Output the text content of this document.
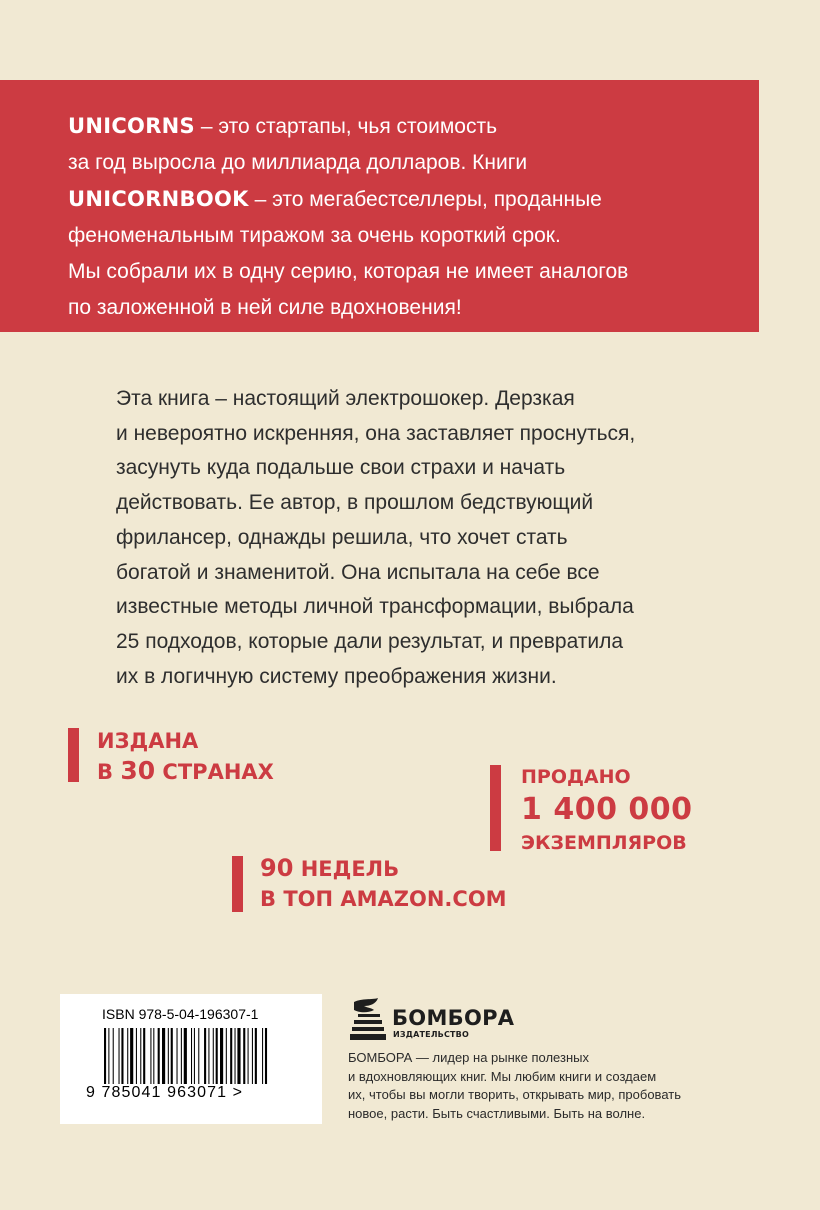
UNICORNS – это стартапы, чья стоимость

за год выросла до миллиарда долларов. Книги

UNICORNBOOK – это мегабестселлеры, проданные

феноменальным тиражом за очень короткий срок.

Мы собрали их в одну серию, которая не имеет аналогов

по заложенной в ней силе вдохновения!

Эта книга – настоящий электрошокер. Дерзкая
и невероятно искренняя, она заставляет проснуться,
засунуть куда подальше свои страхи и начать
действовать. Ее автор, в прошлом бедствующий
фрилансер, однажды решила, что хочет стать
богатой и знаменитой. Она испытала на себе все
известные методы личной трансформации, выбрала
25 подходов, которые дали результат, и превратила
их в логичную систему преображения жизни.

ИЗДАНА
В 30 СТРАНАХ	ПРОДАНО
1 400 000
ЭКЗЕМПЛЯРОВ
90 НЕДЕЛЬ
В ТОП AMAZON.COM
ISBN 978-5-04-196307-1
9 785041 963071 >
БОМБОРА
ИЗДАТЕЛЬСТВО

БОМБОРА — лидер на рынке полезных
и вдохновляющих книг. Мы любим книги и создаем
их, чтобы вы могли творить, открывать мир, пробовать
новое, расти. Быть счастливыми. Быть на волне.
